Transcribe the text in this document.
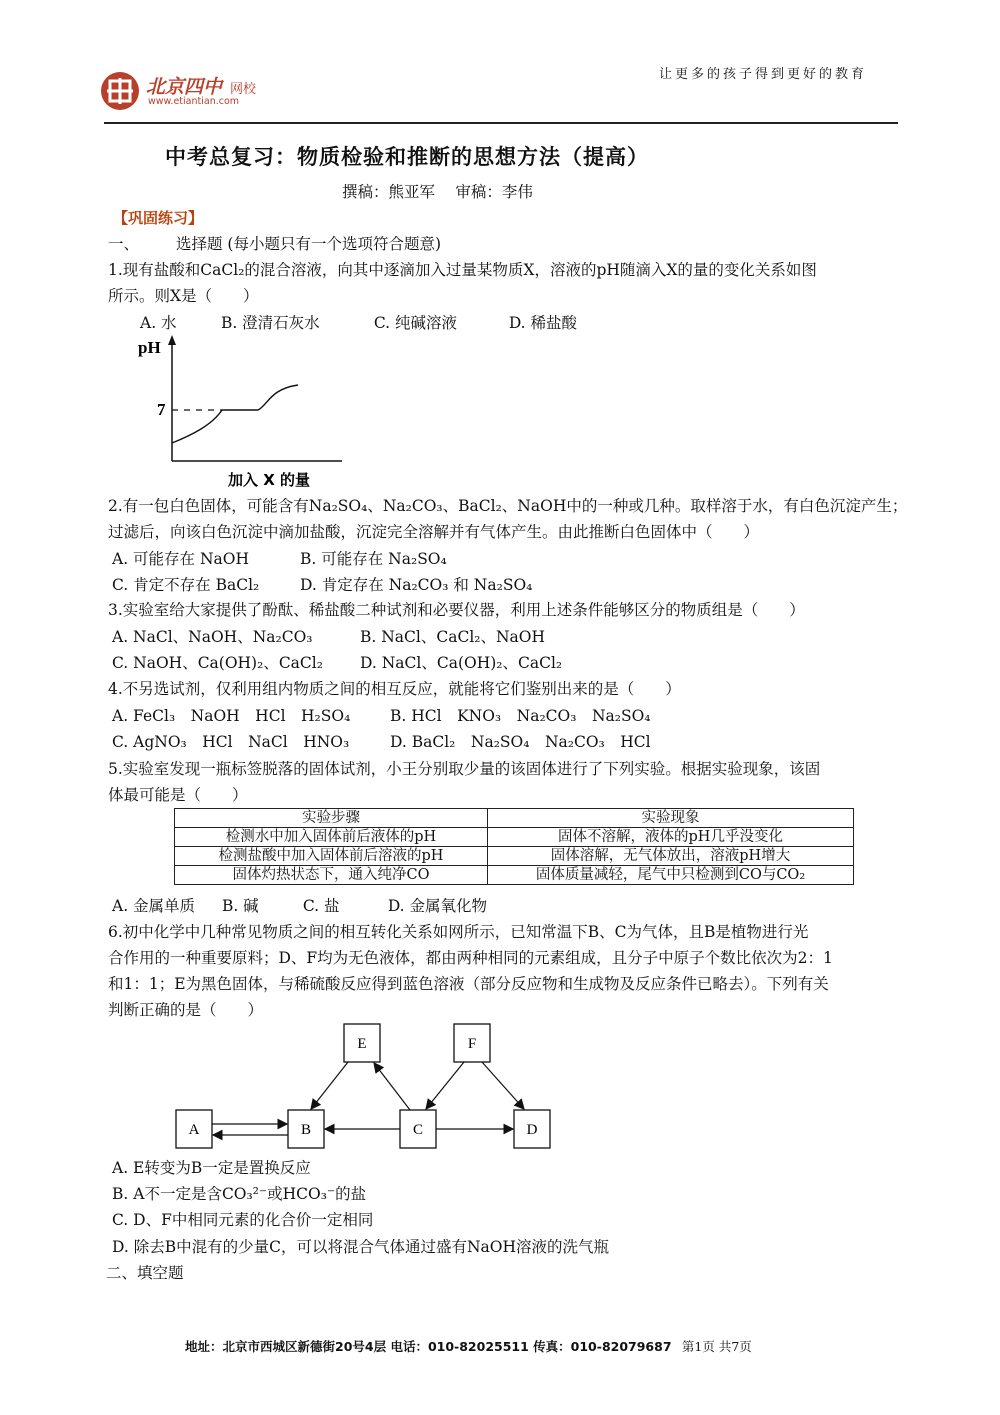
北京四中 网校
www.etiantian.com
让更多的孩子得到更好的教育
中考总复习：物质检验和推断的思想方法（提高）
撰稿：熊亚军　 审稿：李伟
【巩固练习】
一、 选择题 (每小题只有一个选项符合题意)
1.现有盐酸和CaCl₂的混合溶液，向其中逐滴加入过量某物质X，溶液的pH随滴入X的量的变化关系如图
所示。则X是（　　）
A. 水	B. 澄清石灰水	C. 纯碱溶液	D. 稀盐酸
pH
7
加入 X 的量
2.有一包白色固体，可能含有Na₂SO₄、Na₂CO₃、BaCl₂、NaOH中的一种或几种。取样溶于水，有白色沉淀产生；
过滤后，向该白色沉淀中滴加盐酸，沉淀完全溶解并有气体产生。由此推断白色固体中（　　）
A. 可能存在 NaOH	B. 可能存在 Na₂SO₄
C. 肯定不存在 BaCl₂	D. 肯定存在 Na₂CO₃ 和 Na₂SO₄
3.实验室给大家提供了酚酞、稀盐酸二种试剂和必要仪器，利用上述条件能够区分的物质组是（　　）
A. NaCl、NaOH、Na₂CO₃	B. NaCl、CaCl₂、NaOH
C. NaOH、Ca(OH)₂、CaCl₂ D. NaCl、Ca(OH)₂、CaCl₂
4.不另选试剂，仅利用组内物质之间的相互反应，就能将它们鉴别出来的是（　　）
A. FeCl₃　NaOH　HCl　H₂SO₄	B. HCl　KNO₃　Na₂CO₃　Na₂SO₄
C. AgNO₃　HCl　NaCl　HNO₃	D. BaCl₂　Na₂SO₄　Na₂CO₃　HCl
5.实验室发现一瓶标签脱落的固体试剂，小王分别取少量的该固体进行了下列实验。根据实验现象，该固
体最可能是（　　）
实验步骤	实验现象
检测水中加入固体前后液体的pH	固体不溶解，液体的pH几乎没变化
检测盐酸中加入固体前后溶液的pH	固体溶解，无气体放出，溶液pH增大
固体灼热状态下，通入纯净CO	固体质量减轻，尾气中只检测到CO与CO₂
A. 金属单质 B. 碱	C. 盐	D. 金属氧化物
6.初中化学中几种常见物质之间的相互转化关系如网所示，已知常温下B、C为气体，且B是植物进行光
合作用的一种重要原料；D、F均为无色液体，都由两种相同的元素组成，且分子中原子个数比依次为2：1
和1：1；E为黑色固体，与稀硫酸反应得到蓝色溶液（部分反应物和生成物及反应条件已略去）。下列有关
判断正确的是（　　）
E	F
A	B	C	D
A. E转变为B一定是置换反应
B. A不一定是含CO₃²⁻或HCO₃⁻的盐
C. D、F中相同元素的化合价一定相同
D. 除去B中混有的少量C，可以将混合气体通过盛有NaOH溶液的洗气瓶
二、填空题
地址：北京市西城区新德街20号4层 电话：010-82025511 传真：010-82079687 第1页 共7页
